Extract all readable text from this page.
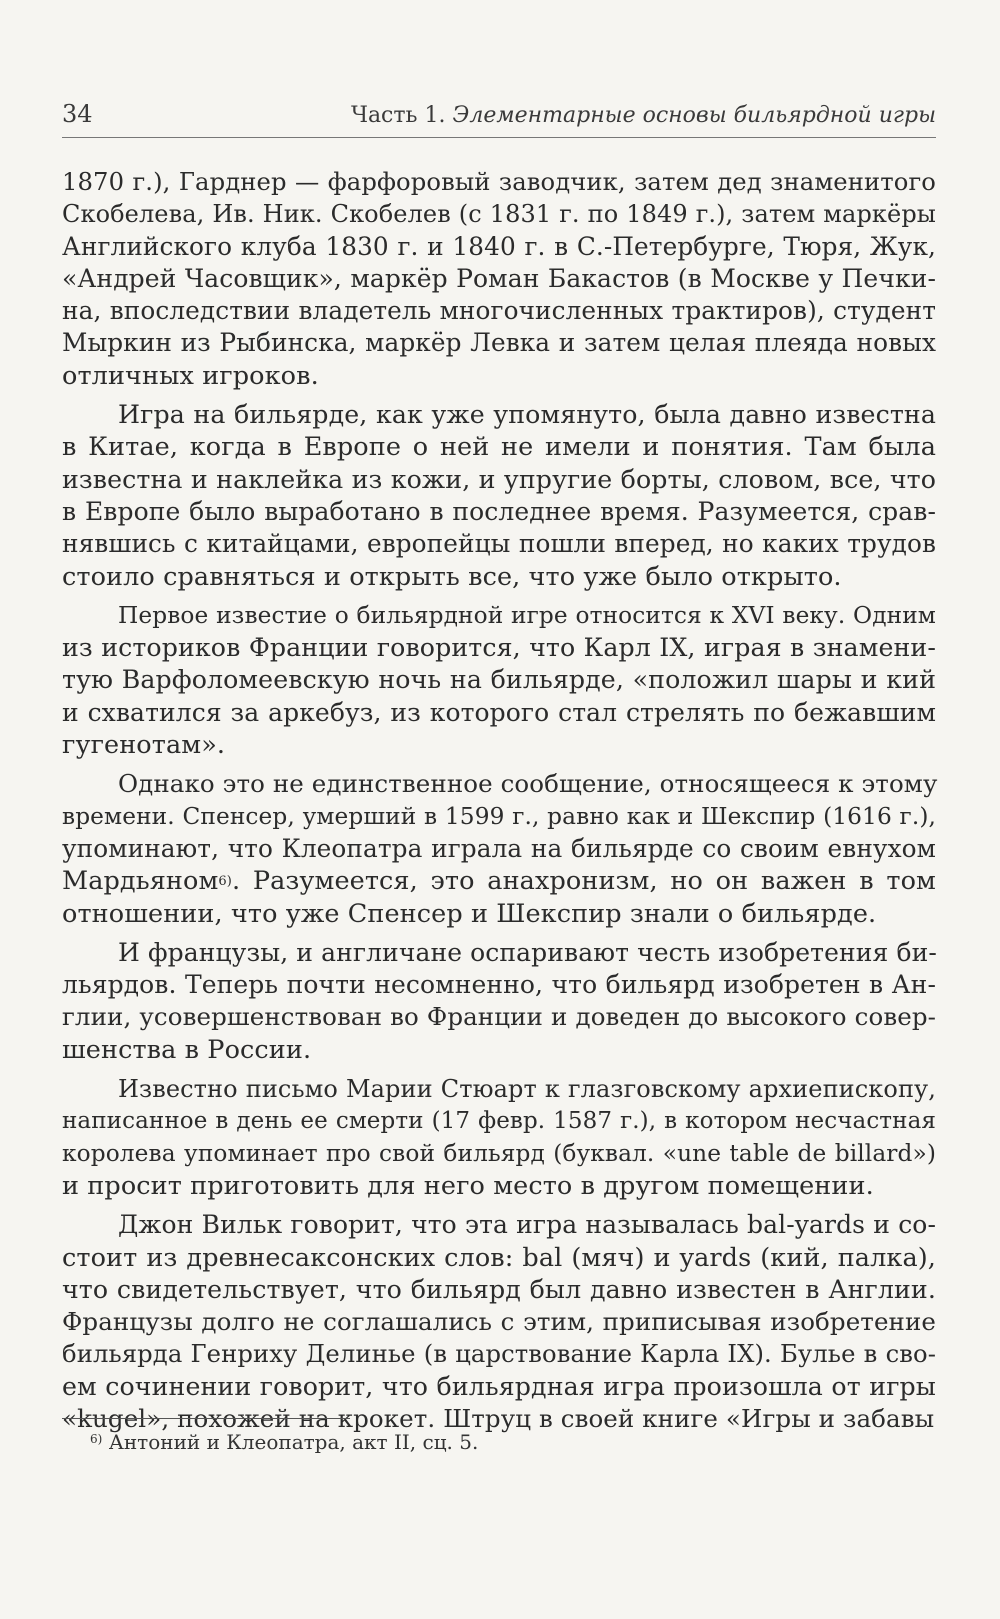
34	Часть 1. Элементарные основы бильярдной игры
1870 г.), Гарднер — фарфоровый заводчик, затем дед знаменитого
Скобелева, Ив. Ник. Скобелев (с 1831 г. по 1849 г.), затем маркёры
Английского клуба 1830 г. и 1840 г. в С.-Петербурге, Тюря, Жук,
«Андрей Часовщик», маркёр Роман Бакастов (в Москве у Печки-
на, впоследствии владетель многочисленных трактиров), студент
Мыркин из Рыбинска, маркёр Левка и затем целая плеяда новых
отличных игроков.
Игра на бильярде, как уже упомянуто, была давно известна
в Китае, когда в Европе о ней не имели и понятия. Там была
известна и наклейка из кожи, и упругие борты, словом, все, что
в Европе было выработано в последнее время. Разумеется, срав-
нявшись с китайцами, европейцы пошли вперед, но каких трудов
стоило сравняться и открыть все, что уже было открыто.
Первое известие о бильярдной игре относится к XVI веку. Одним
из историков Франции говорится, что Карл IX, играя в знамени-
тую Варфоломеевскую ночь на бильярде, «положил шары и кий
и схватился за аркебуз, из которого стал стрелять по бежавшим
гугенотам».
Однако это не единственное сообщение, относящееся к этому
времени. Спенсер, умерший в 1599 г., равно как и Шекспир (1616 г.),
упоминают, что Клеопатра играла на бильярде со своим евнухом
Мардьяном$^{6)}$. Разумеется, это анахронизм, но он важен в том
отношении, что уже Спенсер и Шекспир знали о бильярде.
И французы, и англичане оспаривают честь изобретения би-
льярдов. Теперь почти несомненно, что бильярд изобретен в Ан-
глии, усовершенствован во Франции и доведен до высокого совер-
шенства в России.
Известно письмо Марии Стюарт к глазговскому архиепископу,
написанное в день ее смерти (17 февр. 1587 г.), в котором несчастная
королева упоминает про свой бильярд (буквал. «une table de billard»)
и просит приготовить для него место в другом помещении.
Джон Вильк говорит, что эта игра называлась bal-yards и со-
стоит из древнесаксонских слов: bal (мяч) и yards (кий, палка),
что свидетельствует, что бильярд был давно известен в Англии.
Французы долго не соглашались с этим, приписывая изобретение
бильярда Генриху Делинье (в царствование Карла IX). Булье в сво-
ем сочинении говорит, что бильярдная игра произошла от игры
«kugel», похожей на крокет. Штруц в своей книге «Игры и забавы
$^{6)}$ Антоний и Клеопатра, акт II, сц. 5.
